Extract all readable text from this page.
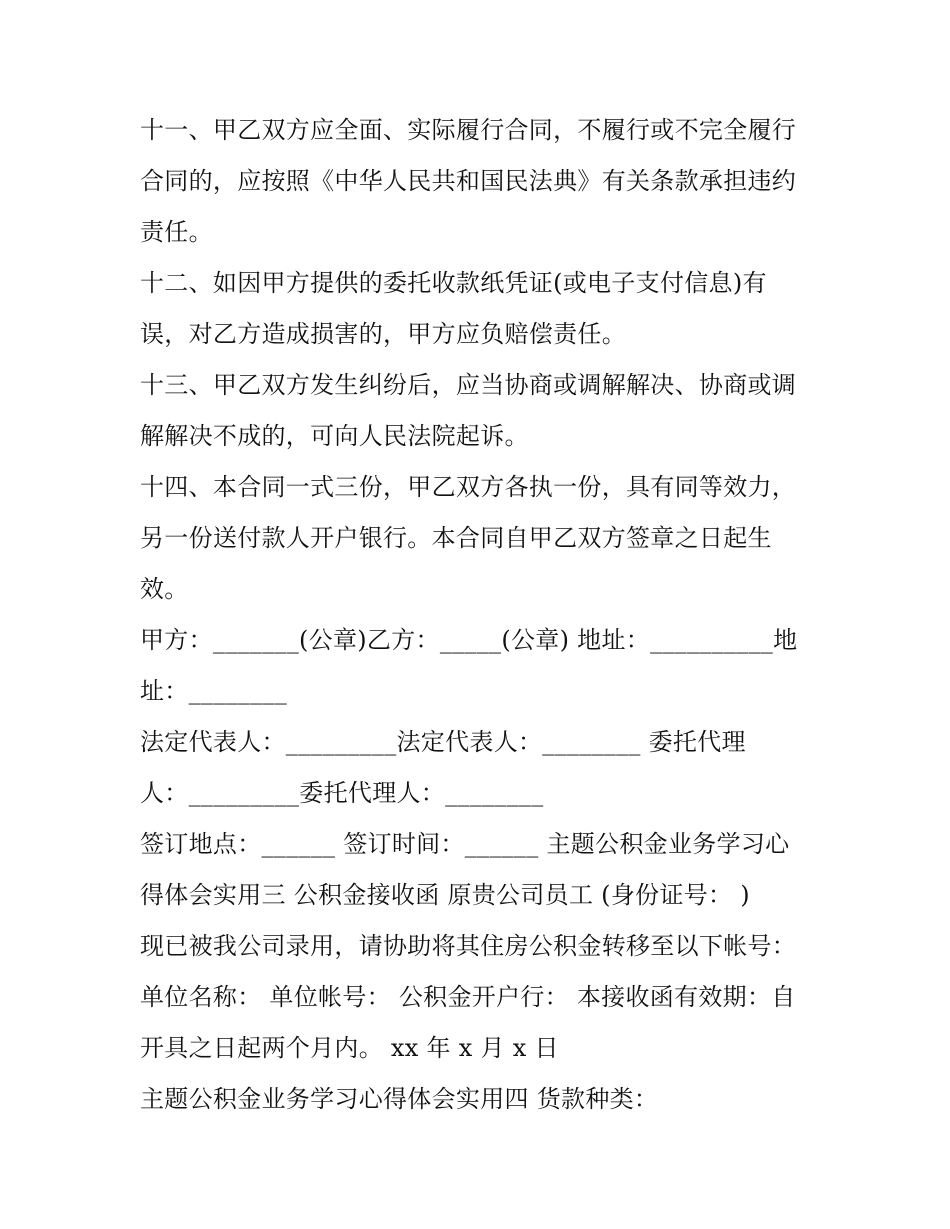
十一、甲乙双方应全面、实际履行合同，不履行或不完全履行
合同的，应按照《中华人民共和国民法典》有关条款承担违约
责任。
十二、如因甲方提供的委托收款纸凭证(或电子支付信息)有
误，对乙方造成损害的，甲方应负赔偿责任。
十三、甲乙双方发生纠纷后，应当协商或调解解决、协商或调
解解决不成的，可向人民法院起诉。
十四、本合同一式三份，甲乙双方各执一份，具有同等效力，
另一份送付款人开户银行。本合同自甲乙双方签章之日起生
效。
甲方：_______(公章)乙方：_____(公章) 地址：__________地
址：________
法定代表人：_________法定代表人：________ 委托代理
人：_________委托代理人：________
签订地点：______ 签订时间：______ 主题公积金业务学习心
得体会实用三 公积金接收函 原贵公司员工 (身份证号： )
现已被我公司录用，请协助将其住房公积金转移至以下帐号：
单位名称： 单位帐号： 公积金开户行： 本接收函有效期：自
开具之日起两个月内。 xx 年 x 月 x 日
主题公积金业务学习心得体会实用四 货款种类：
